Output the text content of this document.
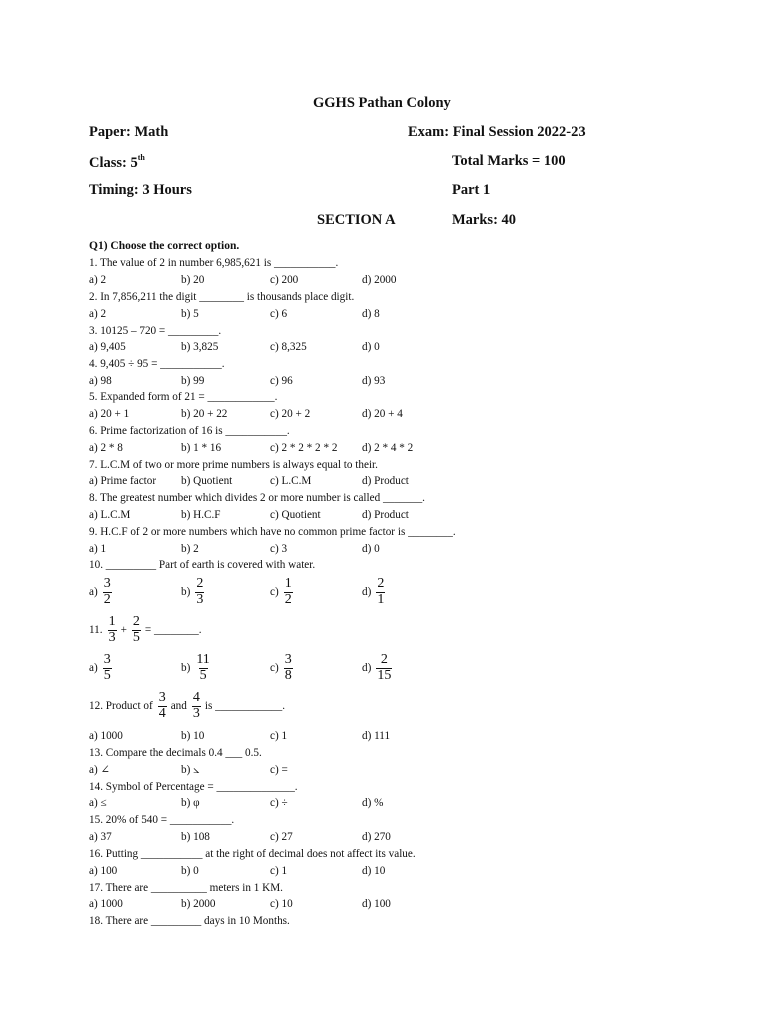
GGHS Pathan Colony
Paper: Math	Exam: Final Session 2022-23
Class: 5th	Total Marks = 100
Timing: 3 Hours	Part 1
SECTION A	Marks: 40
Q1) Choose the correct option.
1. The value of 2 in number 6,985,621 is ___________.
a) 2	b) 20	c) 200	d) 2000
2. In 7,856,211 the digit ________ is thousands place digit.
a) 2	b) 5	c) 6	d) 8
3. 10125 – 720 = _________.
a) 9,405	b) 3,825	c) 8,325	d) 0
4. 9,405 ÷ 95 = ___________.
a) 98	b) 99	c) 96	d) 93
5. Expanded form of 21 = ____________.
a) 20 + 1	b) 20 + 22	c) 20 + 2	d) 20 + 4
6. Prime factorization of 16 is ___________.
a) 2 * 8	b) 1 * 16	c) 2 * 2 * 2 * 2 d) 2 * 4 * 2
7. L.C.M of two or more prime numbers is always equal to their.
a) Prime factor b) Quotient	c) L.C.M	d) Product
8. The greatest number which divides 2 or more number is called _______.
a) L.C.M	b) H.C.F	c) Quotient	d) Product
9. H.C.F of 2 or more numbers which have no common prime factor is ________.
a) 1	b) 2	c) 3	d) 0
10. _________ Part of earth is covered with water.
$a) \frac{3}{2}$	$b) \frac{2}{3}$	$c) \frac{1}{2}$	$d) \frac{2}{1}$
11. $\frac{1}{3} + \frac{2}{5}$ = ________.
$a) \frac{3}{5}$	$b) \frac{11}{5}$	$c) \frac{3}{8}$	$d) \frac{2}{15}$
12. Product of $\frac{3}{4}$ and $\frac{4}{3}$ is ____________.
a) 1000	b) 10	c) 1	d) 111
13. Compare the decimals 0.4 ___ 0.5.
a) ∠	b) ⦣	c) =
14. Symbol of Percentage = ______________.
a) ≤	b) φ	c) ÷	d) %
15. 20% of 540 = ___________.
a) 37	b) 108	c) 27	d) 270
16. Putting ___________ at the right of decimal does not affect its value.
a) 100	b) 0	c) 1	d) 10
17. There are __________ meters in 1 KM.
a) 1000	b) 2000	c) 10	d) 100
18. There are _________ days in 10 Months.
